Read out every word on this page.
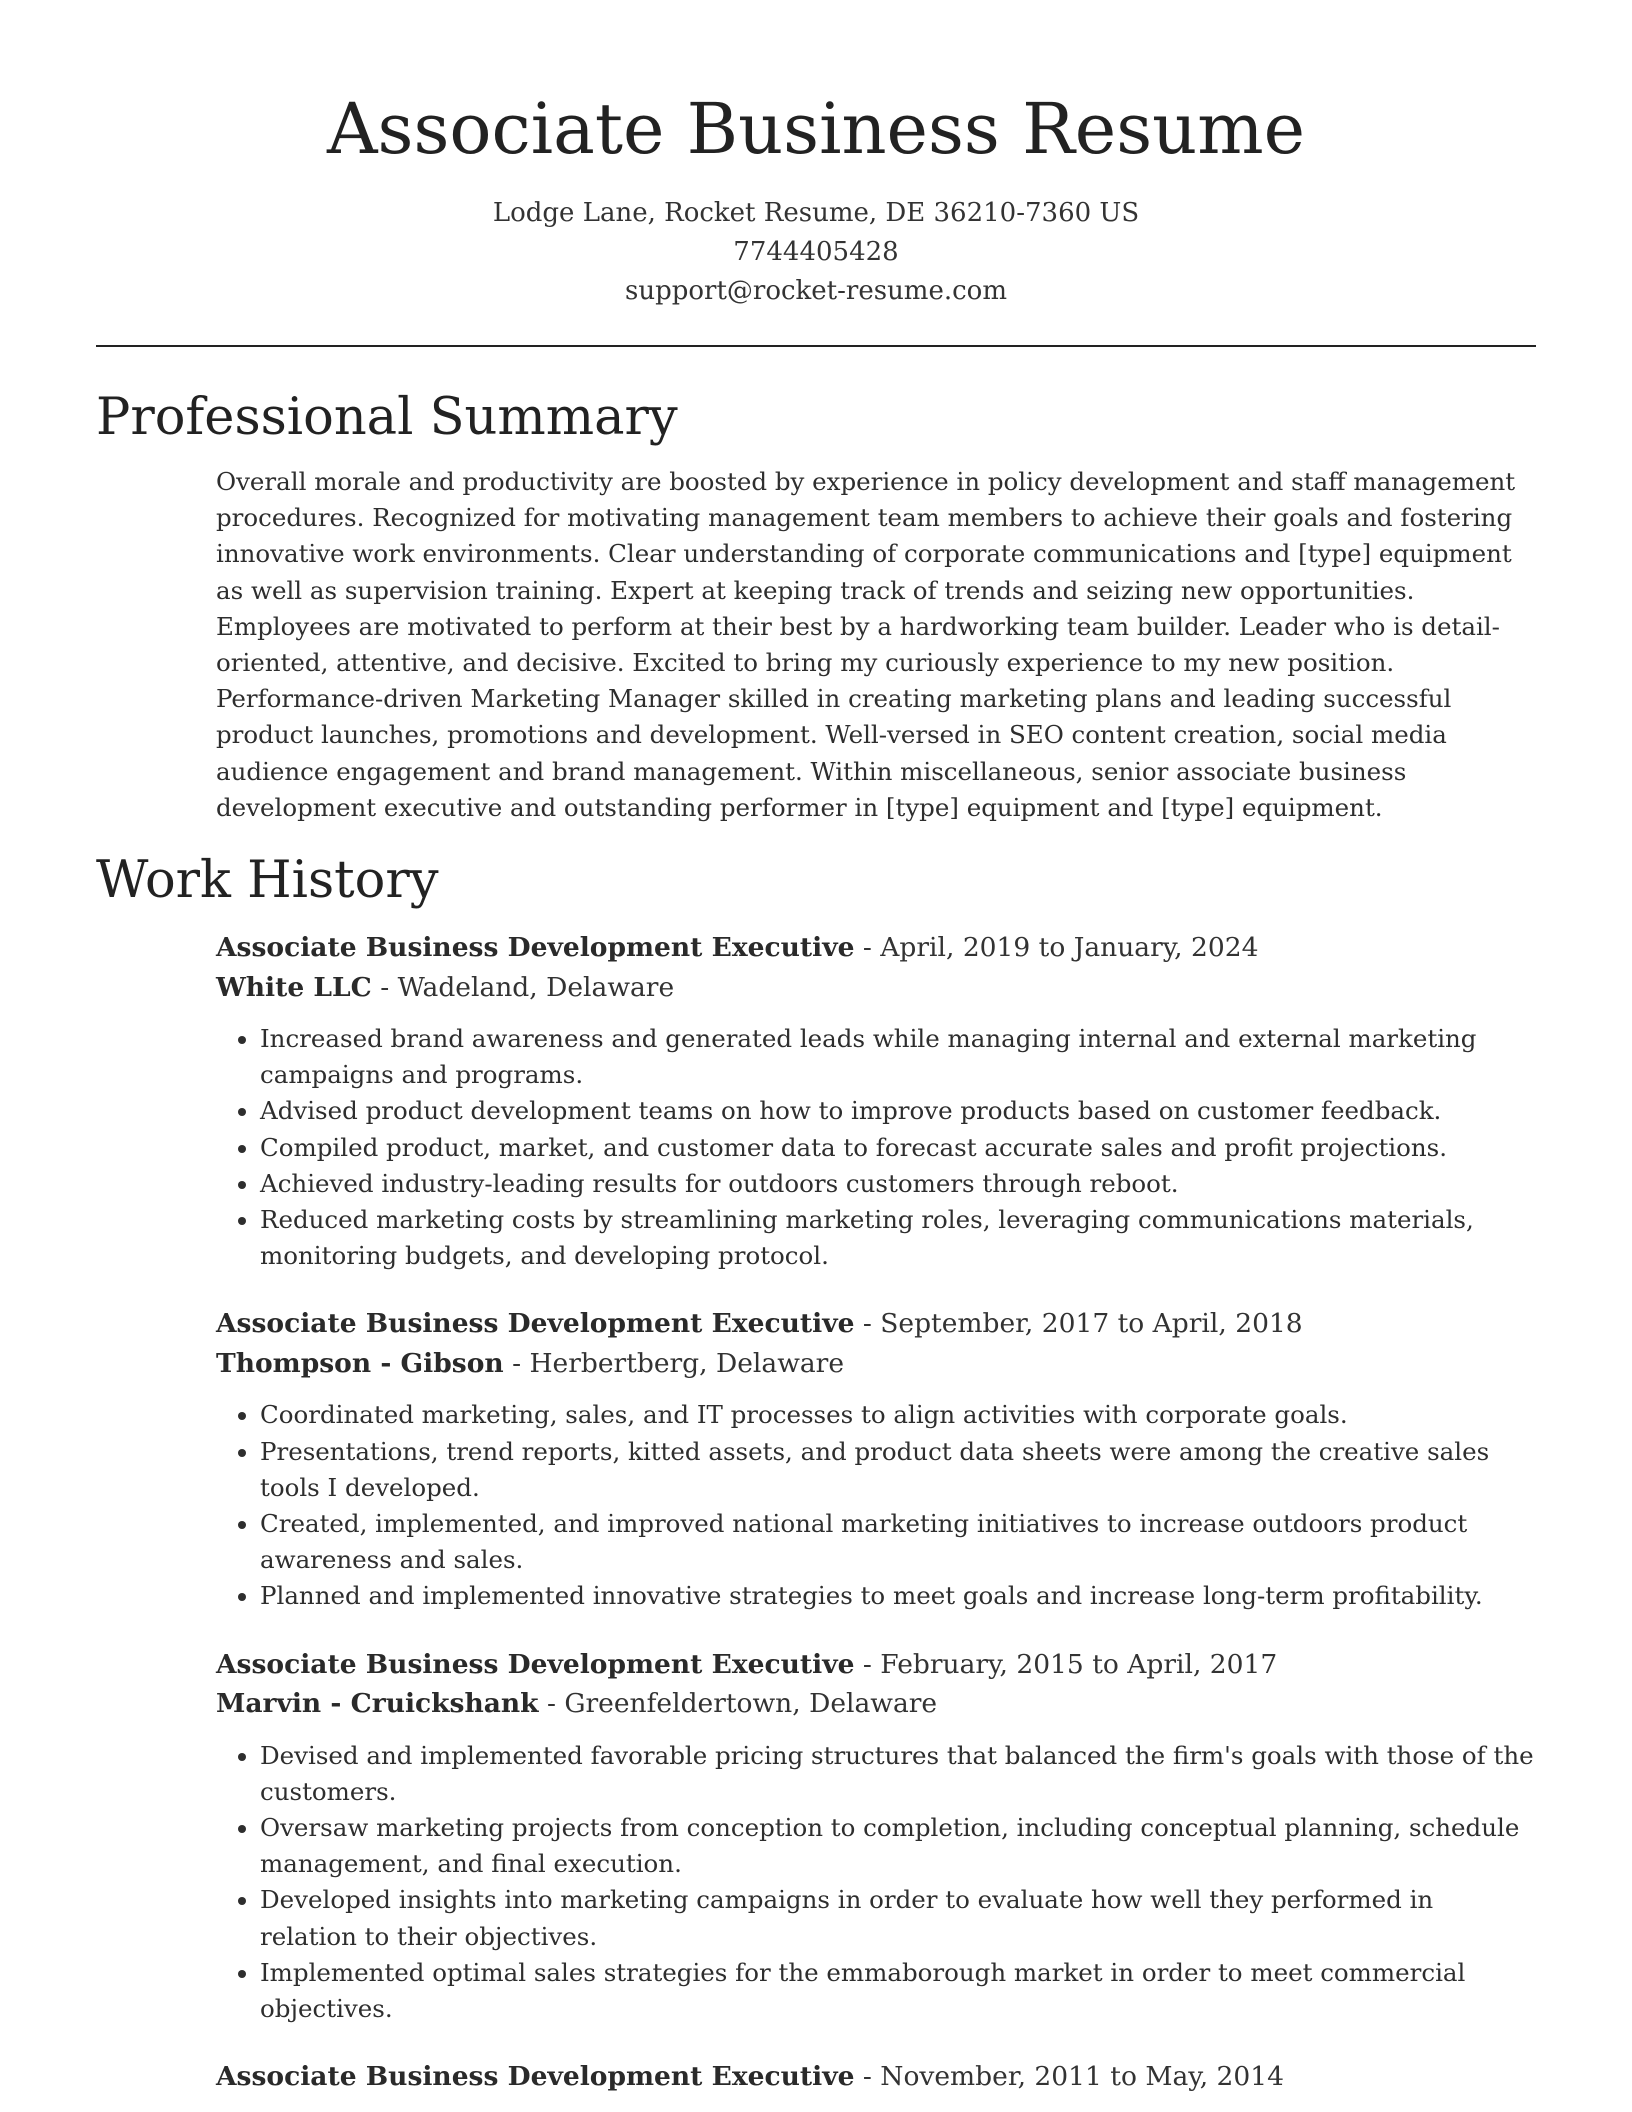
Associate Business Resume
Lodge Lane, Rocket Resume, DE 36210-7360 US
7744405428
support@rocket-resume.com
Professional Summary
Overall morale and productivity are boosted by experience in policy development and staff management procedures. Recognized for motivating management team members to achieve their goals and fostering innovative work environments. Clear understanding of corporate communications and [type] equipment as well as supervision training. Expert at keeping track of trends and seizing new opportunities. Employees are motivated to perform at their best by a hardworking team builder. Leader who is detail-oriented, attentive, and decisive. Excited to bring my curiously experience to my new position. Performance-driven Marketing Manager skilled in creating marketing plans and leading successful product launches, promotions and development. Well-versed in SEO content creation, social media audience engagement and brand management. Within miscellaneous, senior associate business development executive and outstanding performer in [type] equipment and [type] equipment.
Work History
Associate Business Development Executive - April, 2019 to January, 2024
White LLC - Wadeland, Delaware
• Increased brand awareness and generated leads while managing internal and external marketing campaigns and programs.
• Advised product development teams on how to improve products based on customer feedback.
• Compiled product, market, and customer data to forecast accurate sales and profit projections.
• Achieved industry-leading results for outdoors customers through reboot.
• Reduced marketing costs by streamlining marketing roles, leveraging communications materials, monitoring budgets, and developing protocol.
Associate Business Development Executive - September, 2017 to April, 2018
Thompson - Gibson - Herbertberg, Delaware
• Coordinated marketing, sales, and IT processes to align activities with corporate goals.
• Presentations, trend reports, kitted assets, and product data sheets were among the creative sales tools I developed.
• Created, implemented, and improved national marketing initiatives to increase outdoors product awareness and sales.
• Planned and implemented innovative strategies to meet goals and increase long-term profitability.
Associate Business Development Executive - February, 2015 to April, 2017
Marvin - Cruickshank - Greenfeldertown, Delaware
• Devised and implemented favorable pricing structures that balanced the firm's goals with those of the customers.
• Oversaw marketing projects from conception to completion, including conceptual planning, schedule management, and final execution.
• Developed insights into marketing campaigns in order to evaluate how well they performed in relation to their objectives.
• Implemented optimal sales strategies for the emmaborough market in order to meet commercial objectives.
Associate Business Development Executive - November, 2011 to May, 2014
